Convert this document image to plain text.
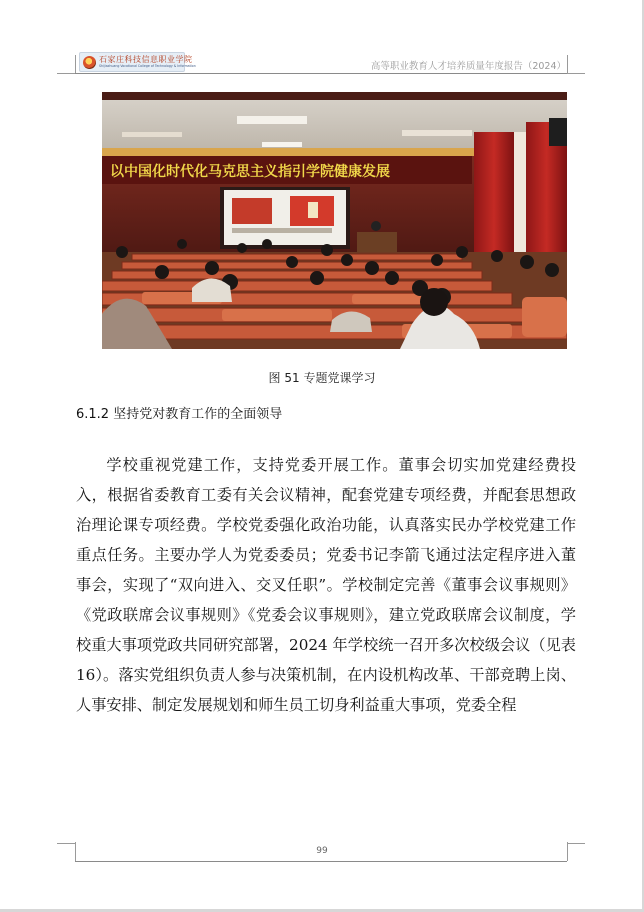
石家庄科技信息职业学院
Shijiazhuang Vocational College of Technology & Information	高等职业教育人才培养质量年度报告（2024）
以中国化时代化马克思主义指引学院健康发展
图 51 专题党课学习
6.1.2 坚持党对教育工作的全面领导

学校重视党建工作，支持党委开展工作。董事会切实加党建经费投入，根据省委教育工委有关会议精神，配套党建专项经费，并配套思想政治理论课专项经费。学校党委强化政治功能，认真落实民办学校党建工作重点任务。主要办学人为党委委员；党委书记李箭飞通过法定程序进入董事会，实现了“双向进入、交叉任职”。学校制定完善《董事会议事规则》《党政联席会议事规则》《党委会议事规则》，建立党政联席会议制度，学校重大事项党政共同研究部署，2024 年学校统一召开多次校级会议（见表 16）。落实党组织负责人参与决策机制，在内设机构改革、干部竞聘上岗、人事安排、制定发展规划和师生员工切身利益重大事项，党委全程

99
